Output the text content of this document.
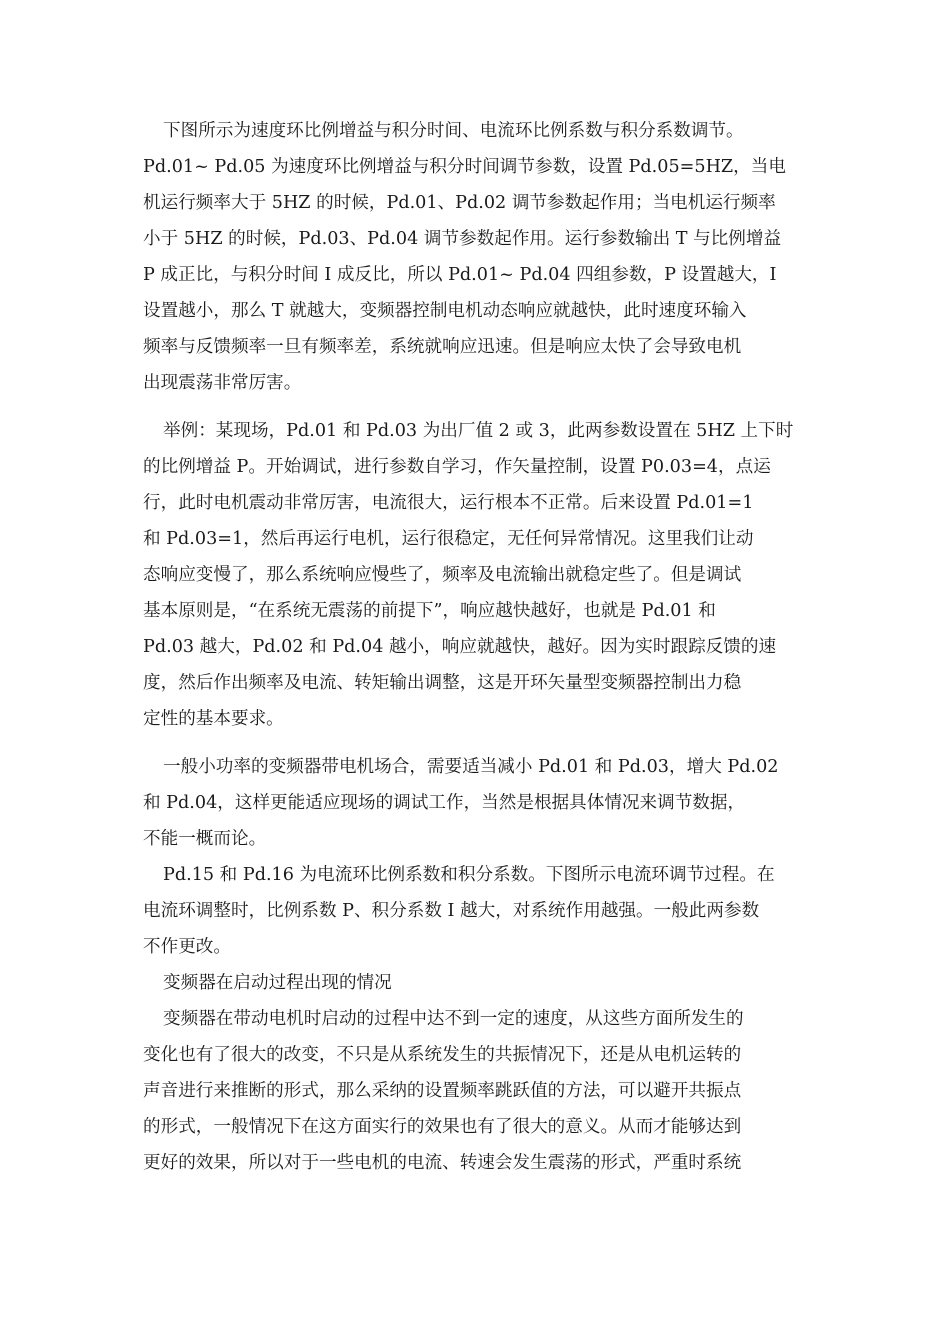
下图所示为速度环比例增益与积分时间、电流环比例系数与积分系数调节。
Pd.01~ Pd.05 为速度环比例增益与积分时间调节参数，设置 Pd.05=5HZ，当电
机运行频率大于 5HZ 的时候，Pd.01、Pd.02 调节参数起作用；当电机运行频率
小于 5HZ 的时候，Pd.03、Pd.04 调节参数起作用。运行参数输出 T 与比例增益
P 成正比，与积分时间 I 成反比，所以 Pd.01~ Pd.04 四组参数，P 设置越大，I
设置越小，那么 T 就越大，变频器控制电机动态响应就越快，此时速度环输入
频率与反馈频率一旦有频率差，系统就响应迅速。但是响应太快了会导致电机
出现震荡非常厉害。
举例：某现场，Pd.01 和 Pd.03 为出厂值 2 或 3，此两参数设置在 5HZ 上下时
的比例增益 P。开始调试，进行参数自学习，作矢量控制，设置 P0.03=4，点运
行，此时电机震动非常厉害，电流很大，运行根本不正常。后来设置 Pd.01=1
和 Pd.03=1，然后再运行电机，运行很稳定，无任何异常情况。这里我们让动
态响应变慢了，那么系统响应慢些了，频率及电流输出就稳定些了。但是调试
基本原则是，“在系统无震荡的前提下”，响应越快越好，也就是 Pd.01 和
Pd.03 越大，Pd.02 和 Pd.04 越小，响应就越快，越好。因为实时跟踪反馈的速
度，然后作出频率及电流、转矩输出调整，这是开环矢量型变频器控制出力稳
定性的基本要求。
一般小功率的变频器带电机场合，需要适当减小 Pd.01 和 Pd.03，增大 Pd.02
和 Pd.04，这样更能适应现场的调试工作，当然是根据具体情况来调节数据，
不能一概而论。
Pd.15 和 Pd.16 为电流环比例系数和积分系数。下图所示电流环调节过程。在
电流环调整时，比例系数 P、积分系数 I 越大，对系统作用越强。一般此两参数
不作更改。
变频器在启动过程出现的情况
变频器在带动电机时启动的过程中达不到一定的速度，从这些方面所发生的
变化也有了很大的改变，不只是从系统发生的共振情况下，还是从电机运转的
声音进行来推断的形式，那么采纳的设置频率跳跃值的方法，可以避开共振点
的形式，一般情况下在这方面实行的效果也有了很大的意义。从而才能够达到
更好的效果，所以对于一些电机的电流、转速会发生震荡的形式，严重时系统
